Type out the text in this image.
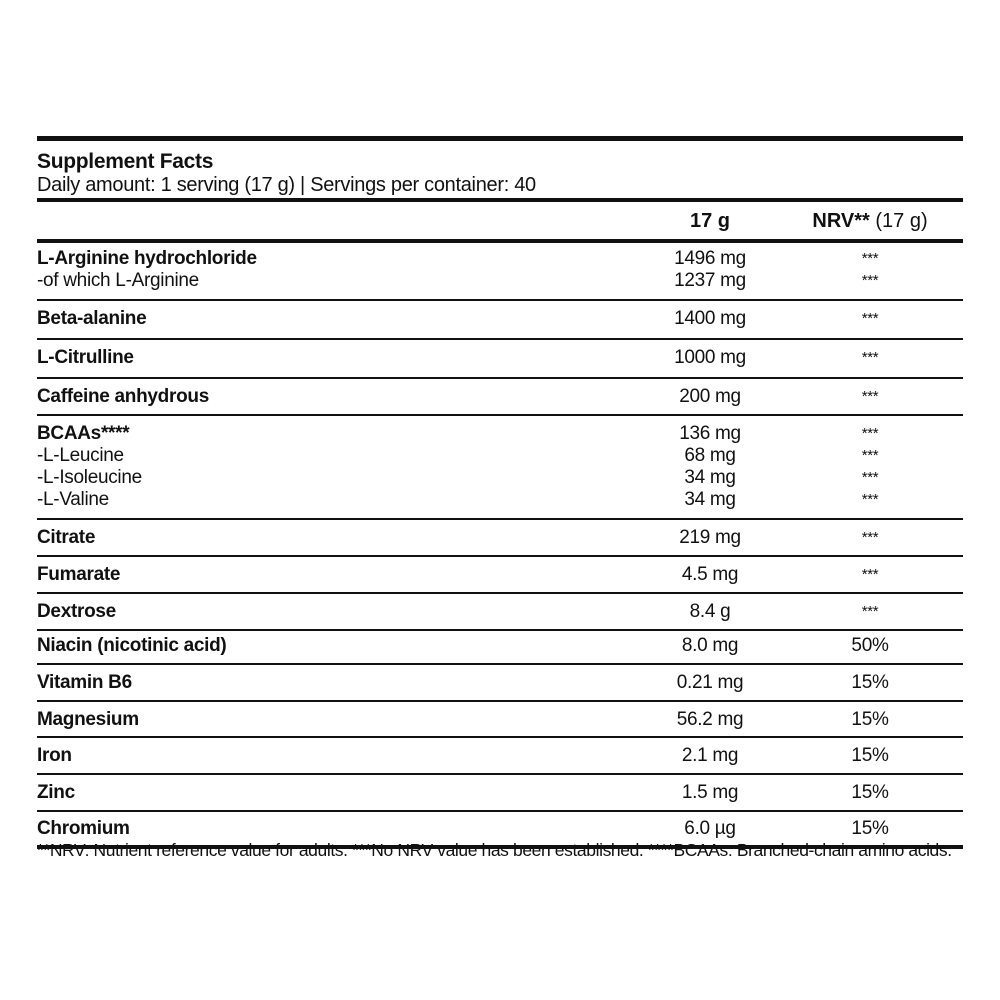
Supplement Facts
Daily amount: 1 serving (17 g) | Servings per container: 40
17 g	NRV** (17 g)
L-Arginine hydrochloride	1496 mg	***
-of which L-Arginine	1237 mg	***
Beta-alanine	1400 mg	***
L-Citrulline	1000 mg	***
Caffeine anhydrous	200 mg	***
BCAAs****	136 mg	***
-L-Leucine	68 mg	***
-L-Isoleucine	34 mg	***
-L-Valine	34 mg	***
Citrate	219 mg	***
Fumarate	4.5 mg	***
Dextrose	8.4 g	***
Niacin (nicotinic acid)	8.0 mg	50%
Vitamin B6	0.21 mg	15%
Magnesium	56.2 mg	15%
Iron	2.1 mg	15%
Zinc	1.5 mg	15%
Chromium	6.0 µg	15%
**NRV: Nutrient reference value for adults. ***No NRV value has been established. ****BCAAs: Branched-chain amino acids.
